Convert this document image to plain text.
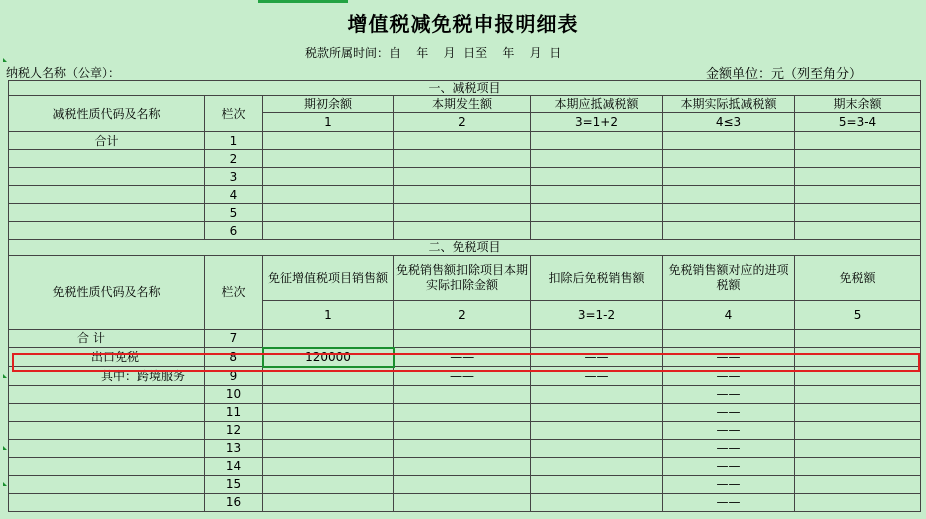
增值税减免税申报明细表
税款所属时间：自    年    月  日至    年    月  日
纳税人名称（公章）：	金额单位：元（列至角分）
一、减税项目						
减税性质代码及名称	栏次	期初余额	本期发生额	本期应抵减税额	本期实际抵减税额	期末余额
		1	2	3=1+2	4≤3	5=3-4
合计	1					
	2					
	3					
	4					
	5					
	6					
二、免税项目						
免税性质代码及名称	栏次	免征增值税项目销售额	免税销售额扣除项目本期实际扣除金额	扣除后免税销售额	免税销售额对应的进项税额	免税额
		1	2	3=1-2	4	5
合 计	7					
出口免税	8	120000	——	——	——	
其中：跨境服务	9		——	——	——	
	10				——	
	11				——	
	12				——	
	13				——	
	14				——	
	15				——	
	16				——	
